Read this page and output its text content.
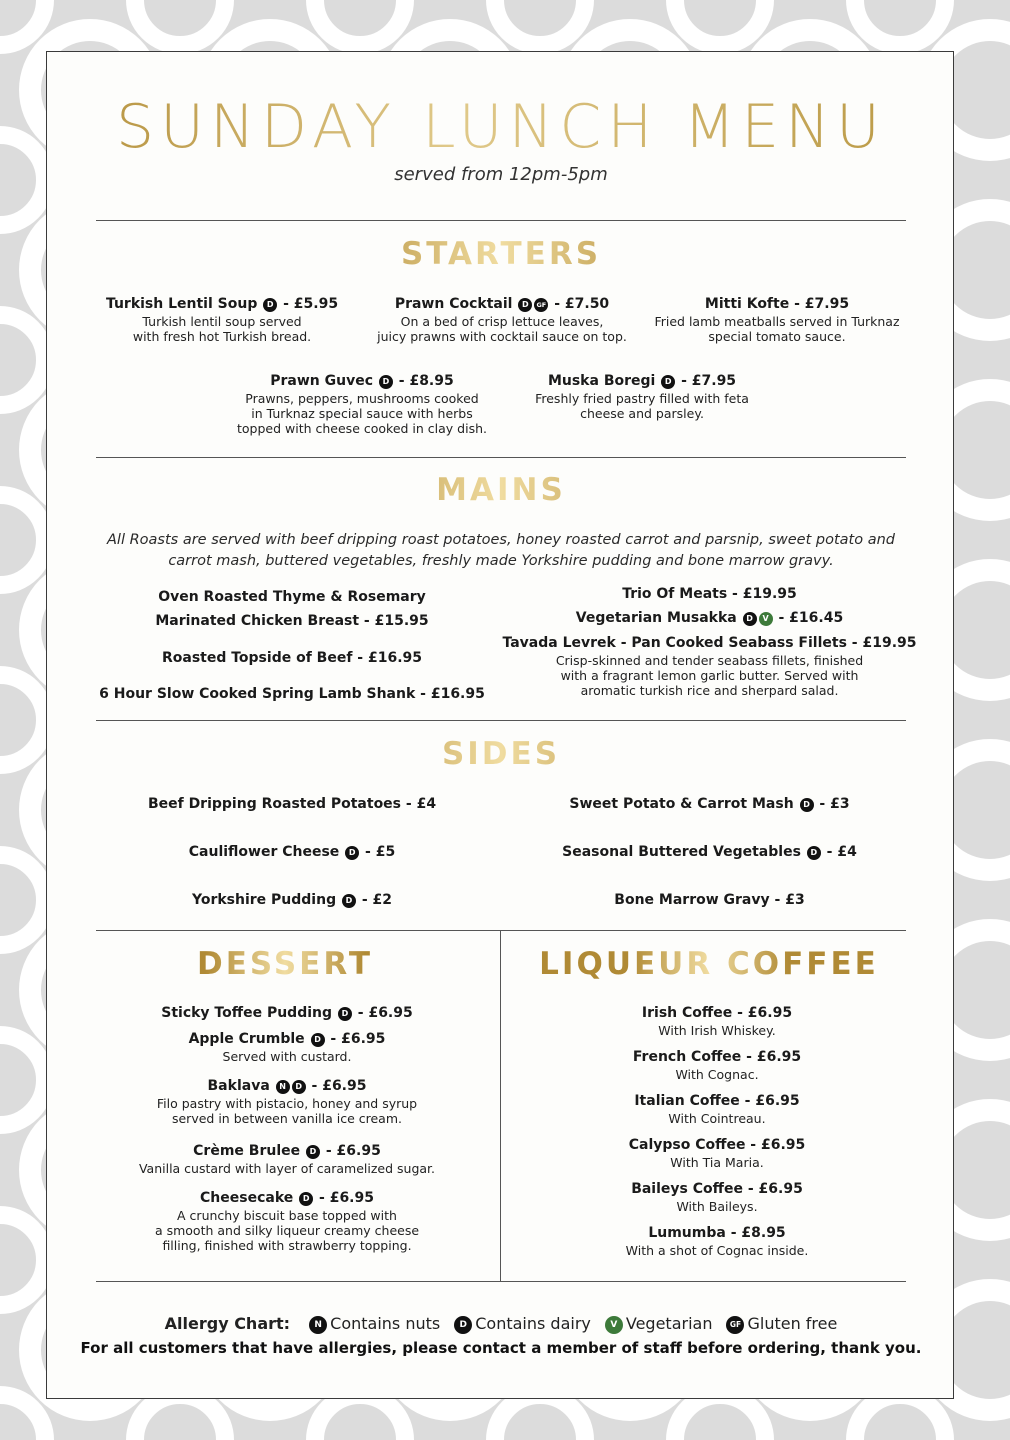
SUNDAY LUNCH MENU
served from 12pm-5pm
STARTERS
Turkish Lentil Soup D - £5.95
Turkish lentil soup served
with fresh hot Turkish bread.
Prawn Cocktail D GF - £7.50
On a bed of crisp lettuce leaves,
juicy prawns with cocktail sauce on top.
Mitti Kofte - £7.95
Fried lamb meatballs served in Turknaz
special tomato sauce.
Prawn Guvec D - £8.95
Prawns, peppers, mushrooms cooked
in Turknaz special sauce with herbs
topped with cheese cooked in clay dish.
Muska Boregi D - £7.95
Freshly fried pastry filled with feta
cheese and parsley.
MAINS
All Roasts are served with beef dripping roast potatoes, honey roasted carrot and parsnip, sweet potato and carrot mash, buttered vegetables, freshly made Yorkshire pudding and bone marrow gravy.
Oven Roasted Thyme & Rosemary
Marinated Chicken Breast - £15.95
Roasted Topside of Beef - £16.95
6 Hour Slow Cooked Spring Lamb Shank - £16.95
Trio Of Meats - £19.95
Vegetarian Musakka D V - £16.45
Tavada Levrek - Pan Cooked Seabass Fillets - £19.95
Crisp-skinned and tender seabass fillets, finished
with a fragrant lemon garlic butter. Served with
aromatic turkish rice and sherpard salad.
SIDES
Beef Dripping Roasted Potatoes - £4	Sweet Potato & Carrot Mash D - £3
Cauliflower Cheese D - £5	Seasonal Buttered Vegetables D - £4
Yorkshire Pudding D - £2	Bone Marrow Gravy - £3
DESSERT	LIQUEUR COFFEE
Sticky Toffee Pudding D - £6.95
Apple Crumble D - £6.95
Served with custard.
Baklava N D - £6.95
Filo pastry with pistacio, honey and syrup
served in between vanilla ice cream.
Crème Brulee D - £6.95
Vanilla custard with layer of caramelized sugar.
Cheesecake D - £6.95
A crunchy biscuit base topped with
a smooth and silky liqueur creamy cheese
filling, finished with strawberry topping.
Irish Coffee - £6.95
With Irish Whiskey.
French Coffee - £6.95
With Cognac.
Italian Coffee - £6.95
With Cointreau.
Calypso Coffee - £6.95
With Tia Maria.
Baileys Coffee - £6.95
With Baileys.
Lumumba - £8.95
With a shot of Cognac inside.
Allergy Chart:	N Contains nuts D Contains dairy V Vegetarian GF Gluten free
For all customers that have allergies, please contact a member of staff before ordering, thank you.
